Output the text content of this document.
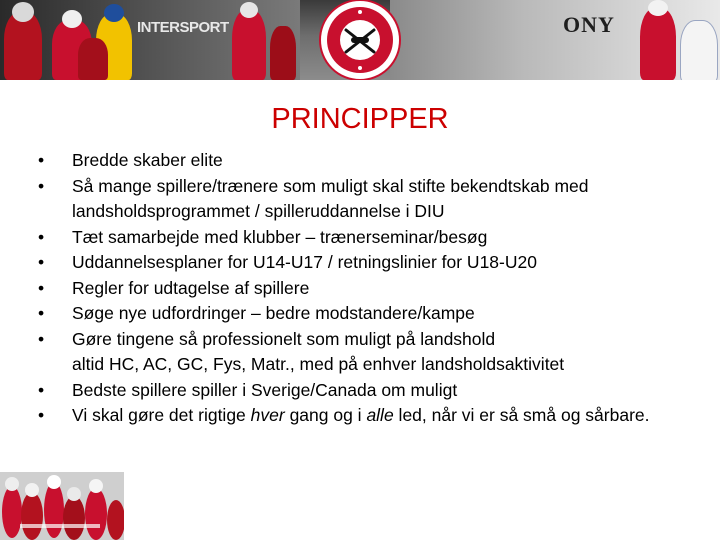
INTERSPORT	ONY
PRINCIPPER
• Bredde skaber elite
• Så mange spillere/trænere som muligt skal stifte bekendtskab med landsholdsprogrammet / spilleruddannelse i DIU
• Tæt samarbejde med klubber – trænerseminar/besøg
• Uddannelsesplaner for U14-U17 / retningslinier for U18-U20
• Regler for udtagelse af spillere
• Søge nye udfordringer – bedre modstandere/kampe
• Gøre tingene så professionelt som muligt på landshold
altid HC, AC, GC, Fys, Matr., med på enhver landsholdsaktivitet
• Bedste spillere spiller i Sverige/Canada om muligt
• Vi skal gøre det rigtige hver gang og i alle led, når vi er så små og sårbare.
